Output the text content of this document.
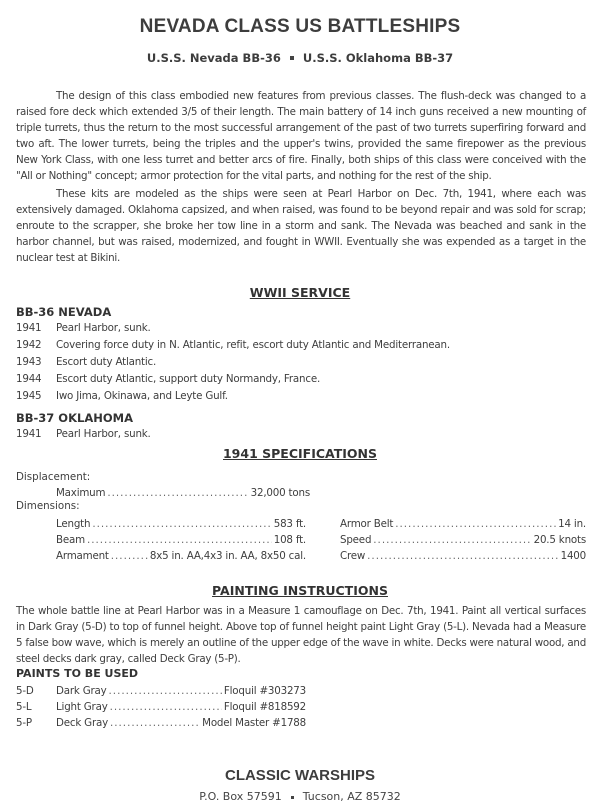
NEVADA CLASS US BATTLESHIPS
U.S.S. Nevada BB-36 U.S.S. Oklahoma BB-37
The design of this class embodied new features from previous classes. The flush-deck was changed to a raised fore deck which extended 3/5 of their length. The main battery of 14 inch guns received a new mounting of triple turrets, thus the return to the most successful arrangement of the past of two turrets superfiring forward and two aft. The lower turrets, being the triples and the upper's twins, provided the same firepower as the previous New York Class, with one less turret and better arcs of fire. Finally, both ships of this class were conceived with the "All or Nothing" concept; armor protection for the vital parts, and nothing for the rest of the ship.
These kits are modeled as the ships were seen at Pearl Harbor on Dec. 7th, 1941, where each was extensively damaged. Oklahoma capsized, and when raised, was found to be beyond repair and was sold for scrap; enroute to the scrapper, she broke her tow line in a storm and sank. The Nevada was beached and sank in the harbor channel, but was raised, modernized, and fought in WWII. Eventually she was expended as a target in the nuclear test at Bikini.
WWII SERVICE
BB-36 NEVADA
1941 Pearl Harbor, sunk.
1942 Covering force duty in N. Atlantic, refit, escort duty Atlantic and Mediterranean.
1943 Escort duty Atlantic.
1944 Escort duty Atlantic, support duty Normandy, France.
1945 Iwo Jima, Okinawa, and Leyte Gulf.
BB-37 OKLAHOMA
1941 Pearl Harbor, sunk.
1941 SPECIFICATIONS
Displacement:
Maximum .....	32,000 tons
Dimensions:
Length .....	583 ft.
Beam .....	108 ft.
Armament .....	8x5 in. AA,4x3 in. AA, 8x50 cal.
Armor Belt .....	14 in.
Speed .....	20.5 knots
Crew .....	1400
PAINTING INSTRUCTIONS
The whole battle line at Pearl Harbor was in a Measure 1 camouflage on Dec. 7th, 1941. Paint all vertical surfaces in Dark Gray (5-D) to top of funnel height. Above top of funnel height paint Light Gray (5-L). Nevada had a Measure 5 false bow wave, which is merely an outline of the upper edge of the wave in white. Decks were natural wood, and steel decks dark gray, called Deck Gray (5-P).
PAINTS TO BE USED
5-D	Dark Gray .....	Floquil #303273
5-L	Light Gray .....	Floquil #818592
5-P	Deck Gray .....	Model Master #1788
CLASSIC WARSHIPS
P.O. Box 57591 Tucson, AZ 85732
